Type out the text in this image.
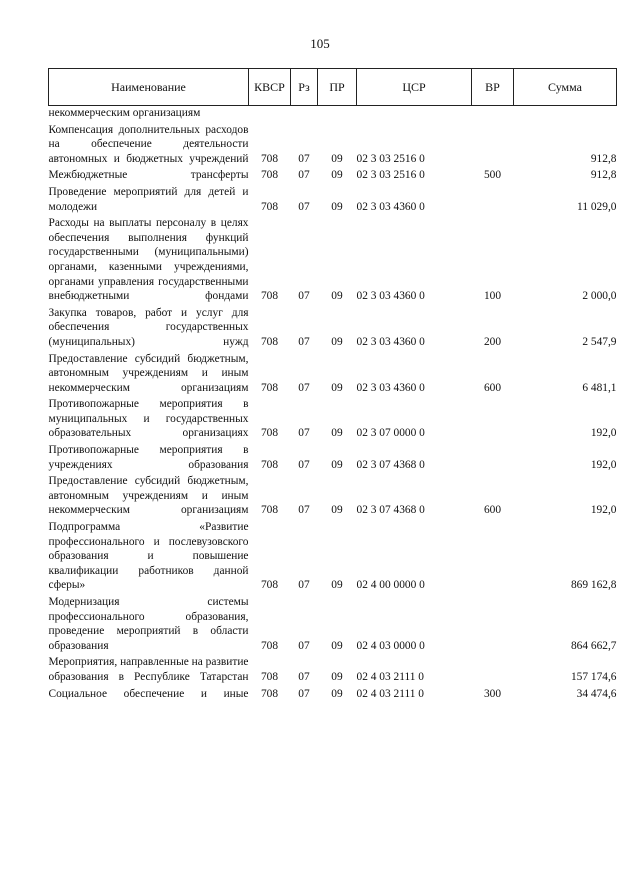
105
Наименование	КВСР	Рз	ПР	ЦСР	ВР	Сумма
некоммерческим организациям						
Компенсация дополнительных расходов на обеспечение деятельности автономных и бюджетных учреждений	708	07	09	02 3 03 2516 0		912,8
Межбюджетные трансферты	708	07	09	02 3 03 2516 0	500	912,8
Проведение мероприятий для детей и молодежи	708	07	09	02 3 03 4360 0		11 029,0
Расходы на выплаты персоналу в целях обеспечения выполнения функций государственными (муниципальными) органами, казенными учреждениями, органами управления государственными внебюджетными фондами	708	07	09	02 3 03 4360 0	100	2 000,0
Закупка товаров, работ и услуг для обеспечения государственных (муниципальных) нужд	708	07	09	02 3 03 4360 0	200	2 547,9
Предоставление субсидий бюджетным, автономным учреждениям и иным некоммерческим организациям	708	07	09	02 3 03 4360 0	600	6 481,1
Противопожарные мероприятия в муниципальных и государственных образовательных организациях	708	07	09	02 3 07 0000 0		192,0
Противопожарные мероприятия в учреждениях образования	708	07	09	02 3 07 4368 0		192,0
Предоставление субсидий бюджетным, автономным учреждениям и иным некоммерческим организациям	708	07	09	02 3 07 4368 0	600	192,0
Подпрограмма «Развитие профессионального и послевузовского образования и повышение квалификации работников данной сферы»	708	07	09	02 4 00 0000 0		869 162,8
Модернизация системы профессионального образования, проведение мероприятий в области образования	708	07	09	02 4 03 0000 0		864 662,7
Мероприятия, направленные на развитие образования в Республике Татарстан	708	07	09	02 4 03 2111 0		157 174,6
Социальное обеспечение и иные	708	07	09	02 4 03 2111 0	300	34 474,6
